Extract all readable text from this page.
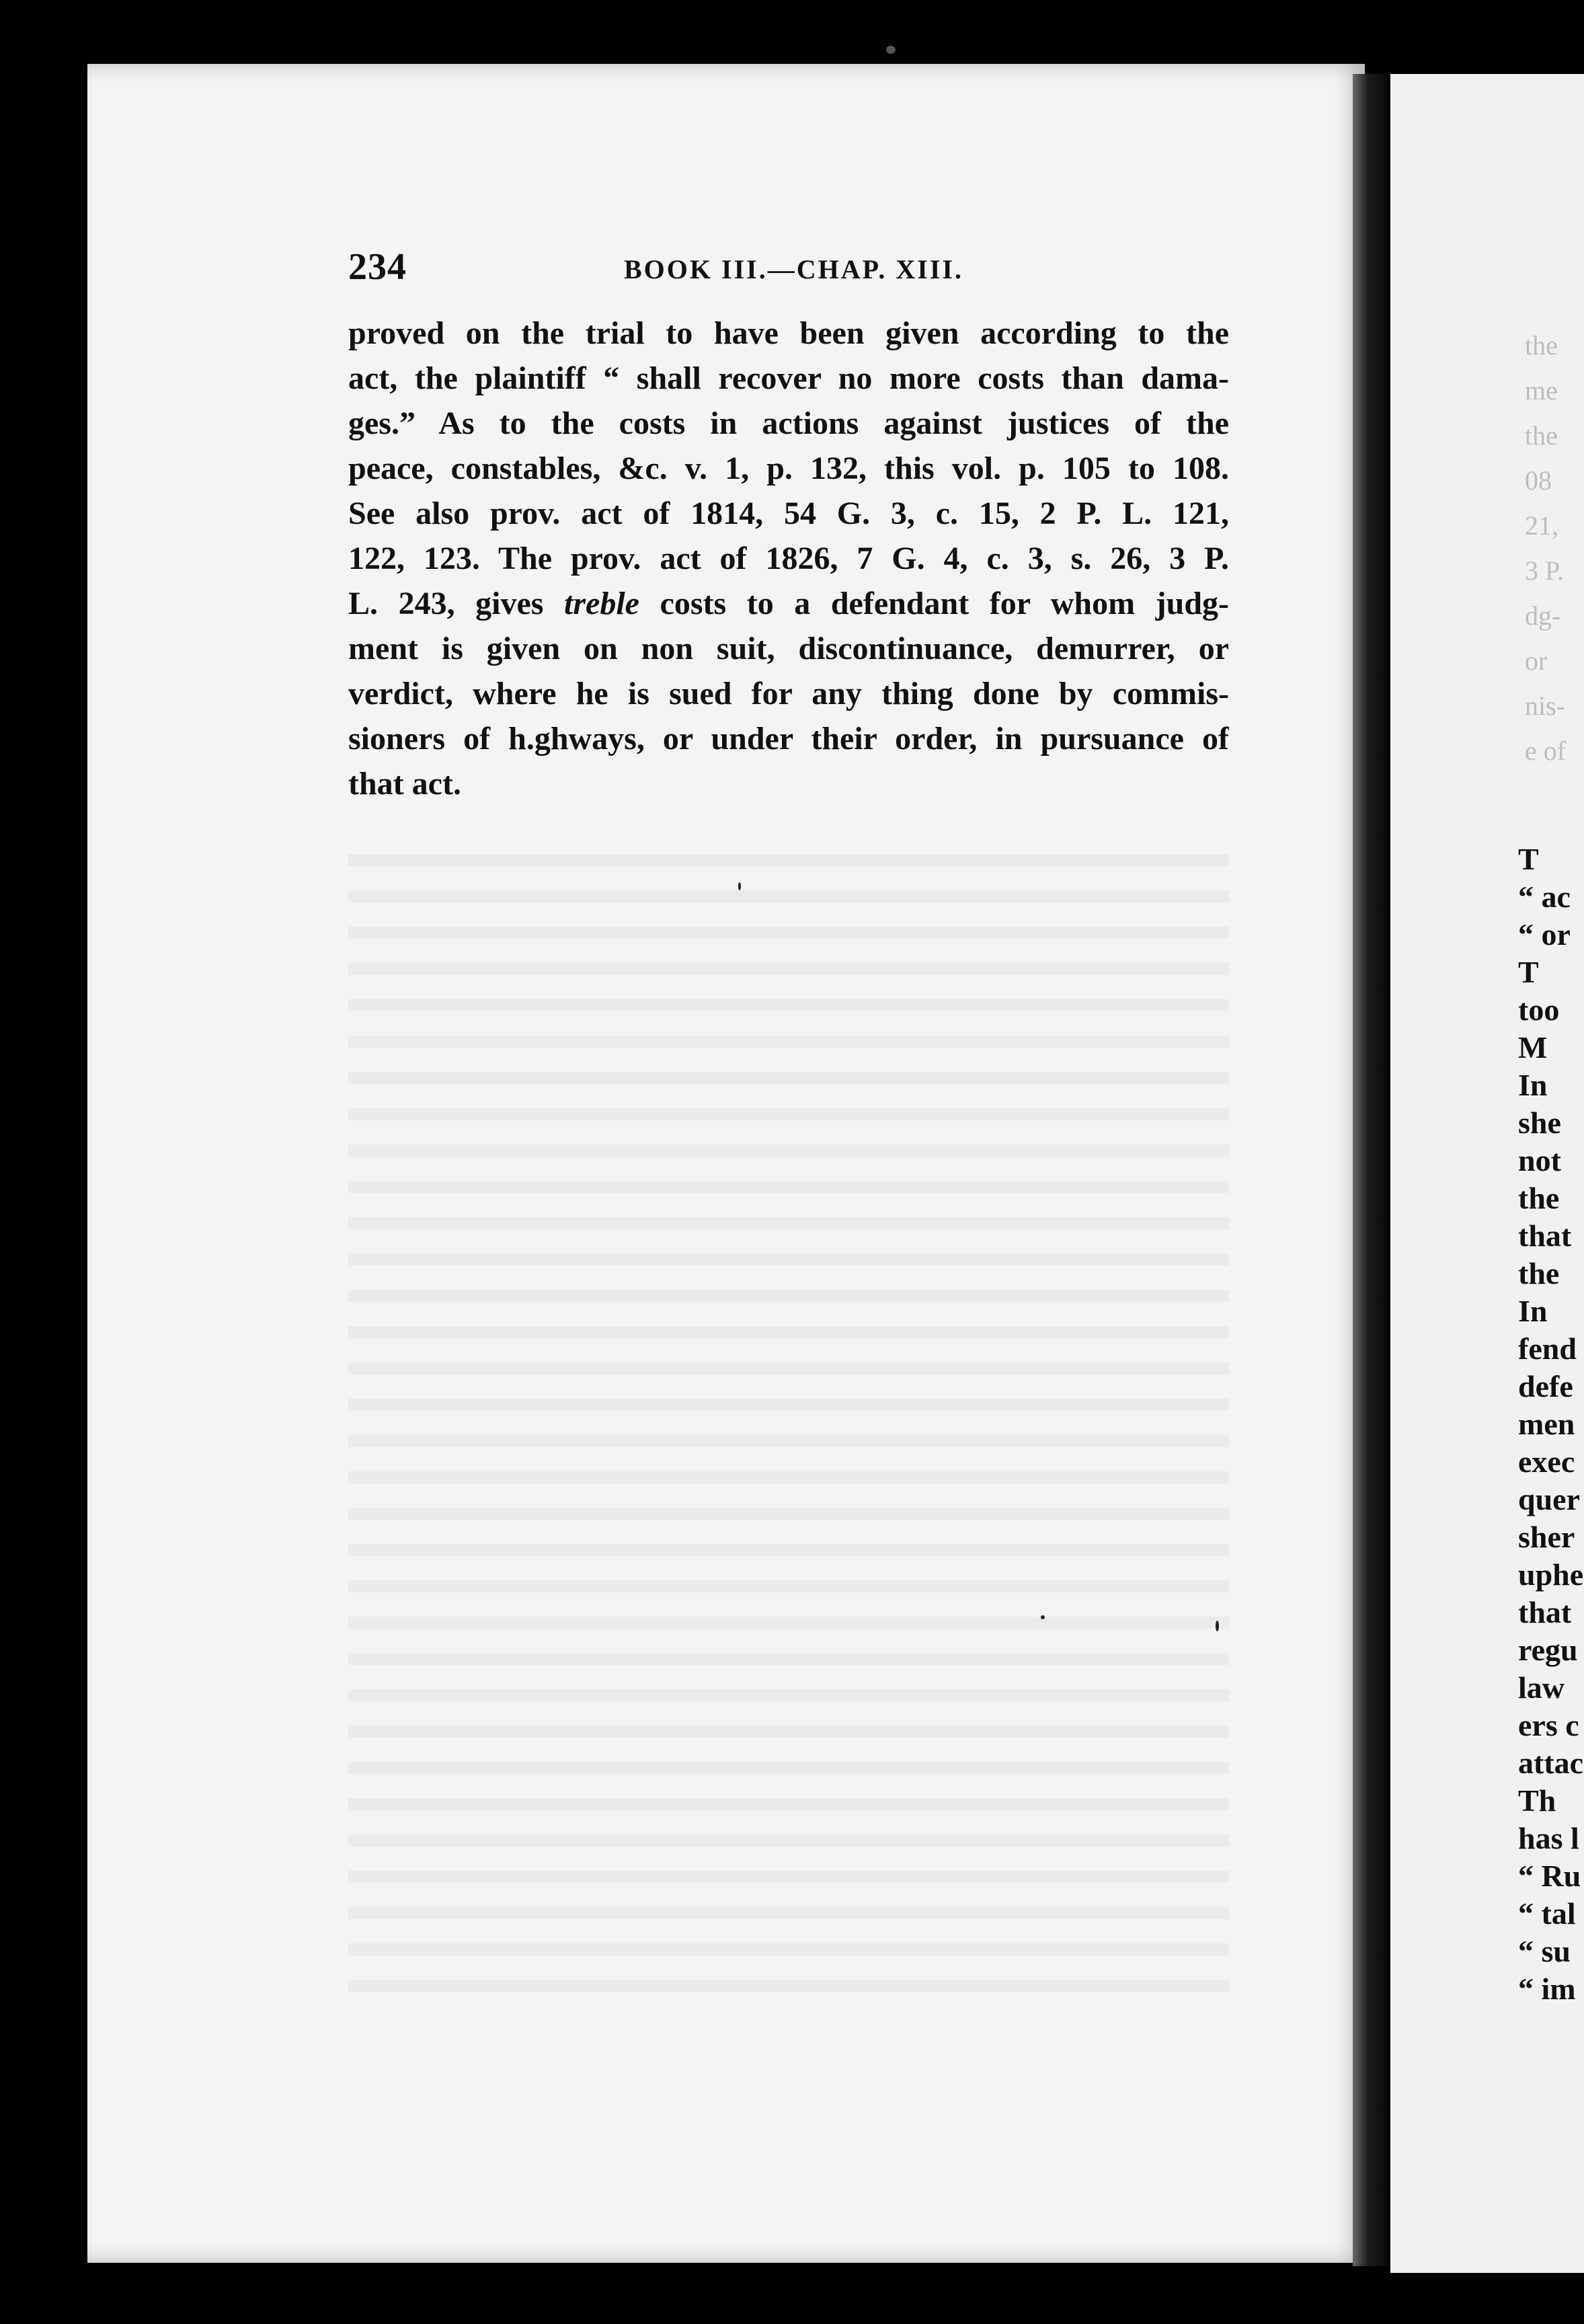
234	BOOK III.—CHAP. XIII.
proved on the trial to have been given according to the
act, the plaintiff “ shall recover no more costs than dama-
ges.” As to the costs in actions against justices of the
peace, constables, &c. v. 1, p. 132, this vol. p. 105 to 108.
See also prov. act of 1814, 54 G. 3, c. 15, 2 P. L. 121,
122, 123. The prov. act of 1826, 7 G. 4, c. 3, s. 26, 3 P.
L. 243, gives treble costs to a defendant for whom judg-
ment is given on non suit, discontinuance, demurrer, or
verdict, where he is sued for any thing done by commis-
sioners of h.ghways, or under their order, in pursuance of
that act.
the
me
the
08
21,
3 P.
dg-
or
nis-
e of
T
“ ac
“ or
T
too
M
In
she
not
the
that
the
In
fend
defe
men
exec
quer
sher
uphe
that
regu
law
ers c
attac
Th
has l
“ Ru
“ tal
“ su
“ im
